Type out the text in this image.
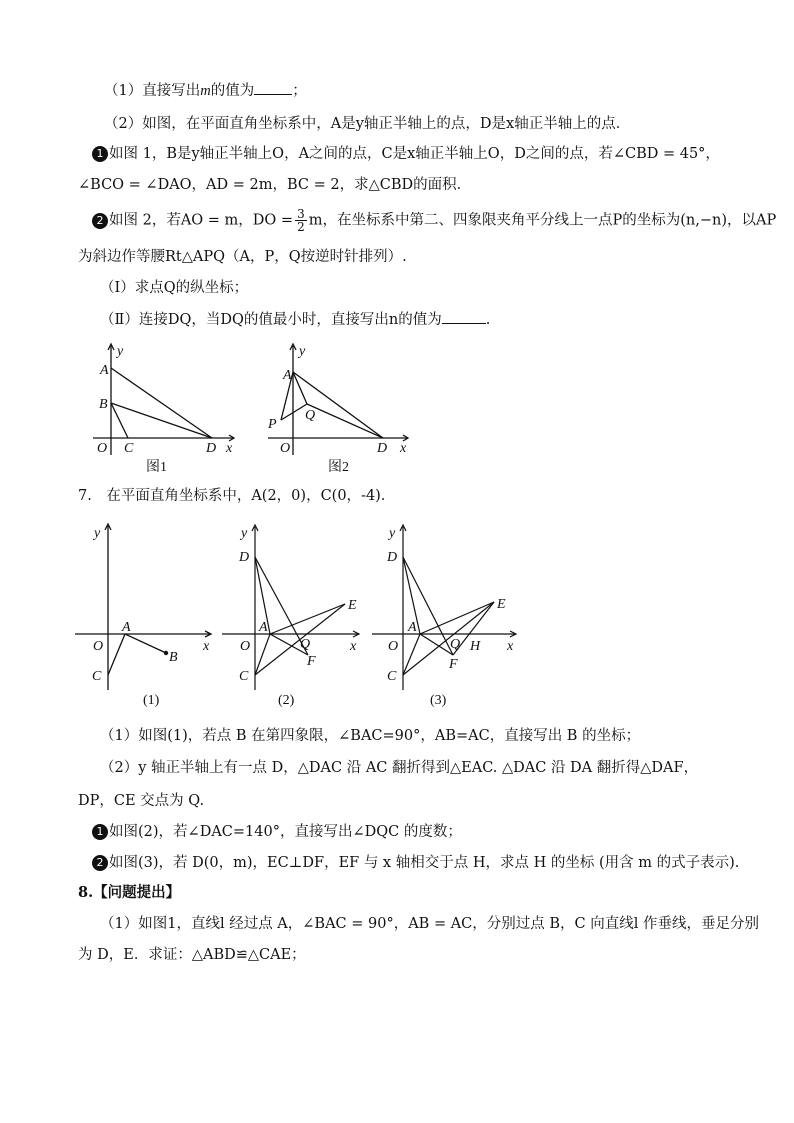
（1）直接写出m的值为	；
（2）如图，在平面直角坐标系中，A是y轴正半轴上的点，D是x轴正半轴上的点．
1 如图 1，B是y轴正半轴上O，A之间的点，C是x轴正半轴上O，D之间的点，若∠CBD = 45°，
∠BCO = ∠DAO，AD = 2m，BC = 2，求△CBD的面积．
2 如图 2，若AO = m，DO = $\frac{3}{2}$ m，在坐标系中第二、四象限夹角平分线上一点P的坐标为(n,−n)，以AP
为斜边作等腰Rt△APQ（A，P，Q按逆时针排列）.
（Ⅰ）求点Q的纵坐标；
（Ⅱ）连接DQ，当DQ的值最小时，直接写出n的值为	.
y
A
B
O C	D x
图1
y
A
P
Q
O	D x
图2
7.　在平面直角坐标系中，A(2，0)，C(0，-4)．
y
A
O	x
B
C
(1)
y
D
E
A
O	Q	x
F
C
(2)
y
D
E
A
O	Q H x
F
C
(3)
（1）如图(1)，若点 B 在第四象限，∠BAC=90°，AB=AC，直接写出 B 的坐标；
（2）y 轴正半轴上有一点 D，△DAC 沿 AC 翻折得到△EAC. △DAC 沿 DA 翻折得△DAF，
DP，CE 交点为 Q.
1 如图(2)，若∠DAC=140°，直接写出∠DQC 的度数；
2 如图(3)，若 D(0，m)，EC⊥DF，EF 与 x 轴相交于点 H，求点 H 的坐标 (用含 m 的式子表示).
8.【问题提出】
（1）如图1，直线l 经过点 A，∠BAC = 90°，AB = AC，分别过点 B，C 向直线l 作垂线，垂足分别
为 D，E．求证：△ABD≌△CAE；
